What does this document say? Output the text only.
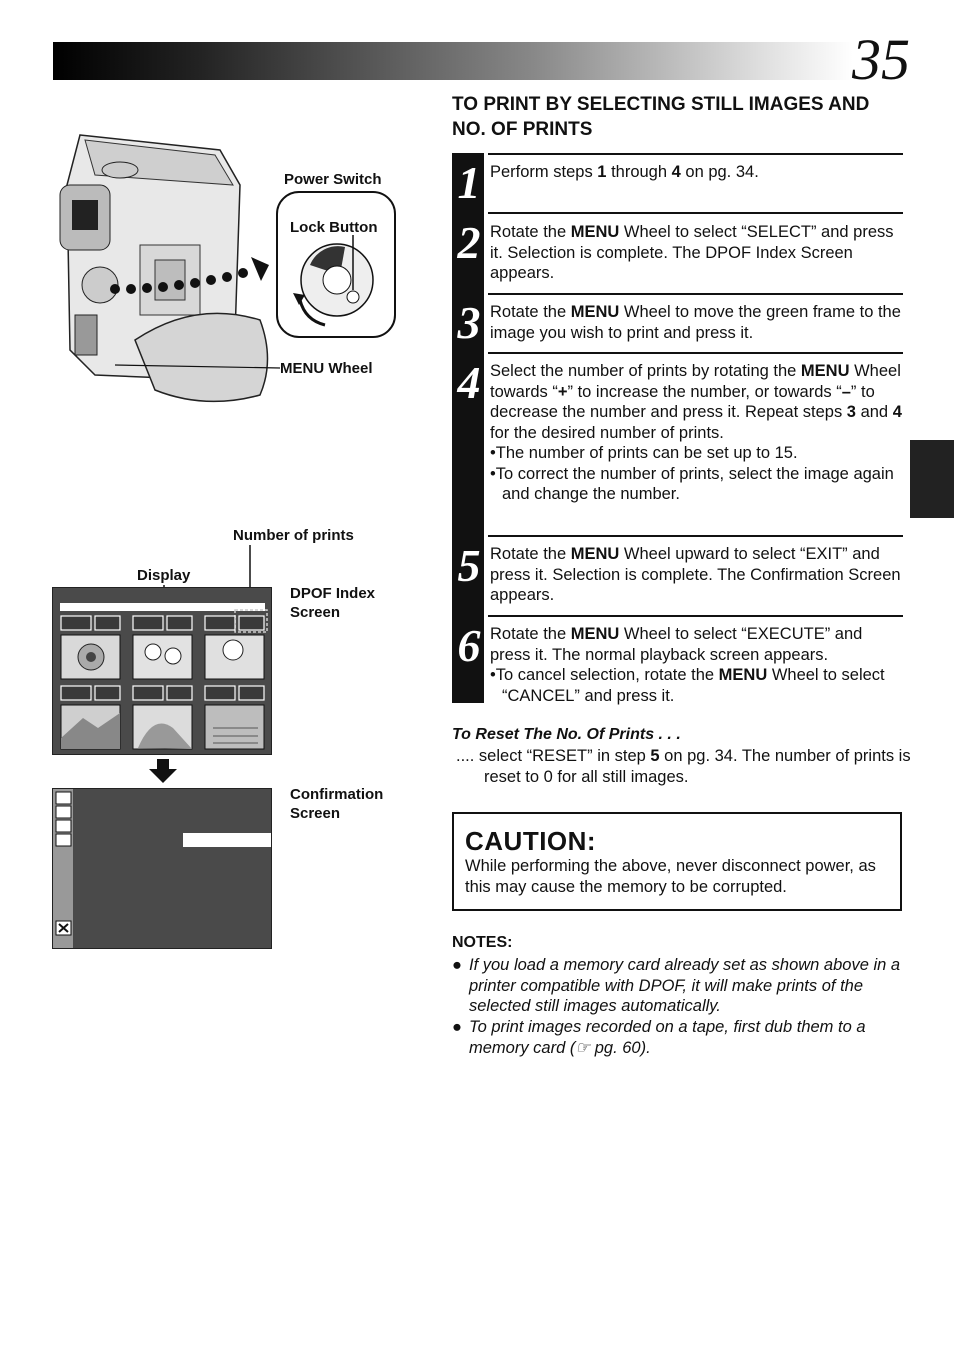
35
Power Switch
Lock Button
MENU Wheel
Number of prints
Display
DPOF Index
Screen
Confirmation
Screen
TO PRINT BY SELECTING STILL IMAGES AND NO. OF PRINTS
1 Perform steps 1 through 4 on pg. 34.
2 Rotate the MENU Wheel to select “SELECT” and press it. Selection is complete. The DPOF Index Screen appears.
3 Rotate the MENU Wheel to move the green frame to the image you wish to print and press it.
4 Select the number of prints by rotating the MENU Wheel towards “+” to increase the number, or towards “–” to decrease the number and press it. Repeat steps 3 and 4 for the desired number of prints.
•The number of prints can be set up to 15.
•To correct the number of prints, select the image again and change the number.
5 Rotate the MENU Wheel upward to select “EXIT” and press it. Selection is complete. The Confirmation Screen appears.
6 Rotate the MENU Wheel to select “EXECUTE” and press it. The normal playback screen appears.
•To cancel selection, rotate the MENU Wheel to select “CANCEL” and press it.
To Reset The No. Of Prints . . .
.... select “RESET” in step 5 on pg. 34. The number of prints is reset to 0 for all still images.
CAUTION:
While performing the above, never disconnect power, as this may cause the memory to be corrupted.
NOTES:
● If you load a memory card already set as shown above in a printer compatible with DPOF, it will make prints of the selected still images automatically.
● To print images recorded on a tape, first dub them to a memory card (☞ pg. 60).
